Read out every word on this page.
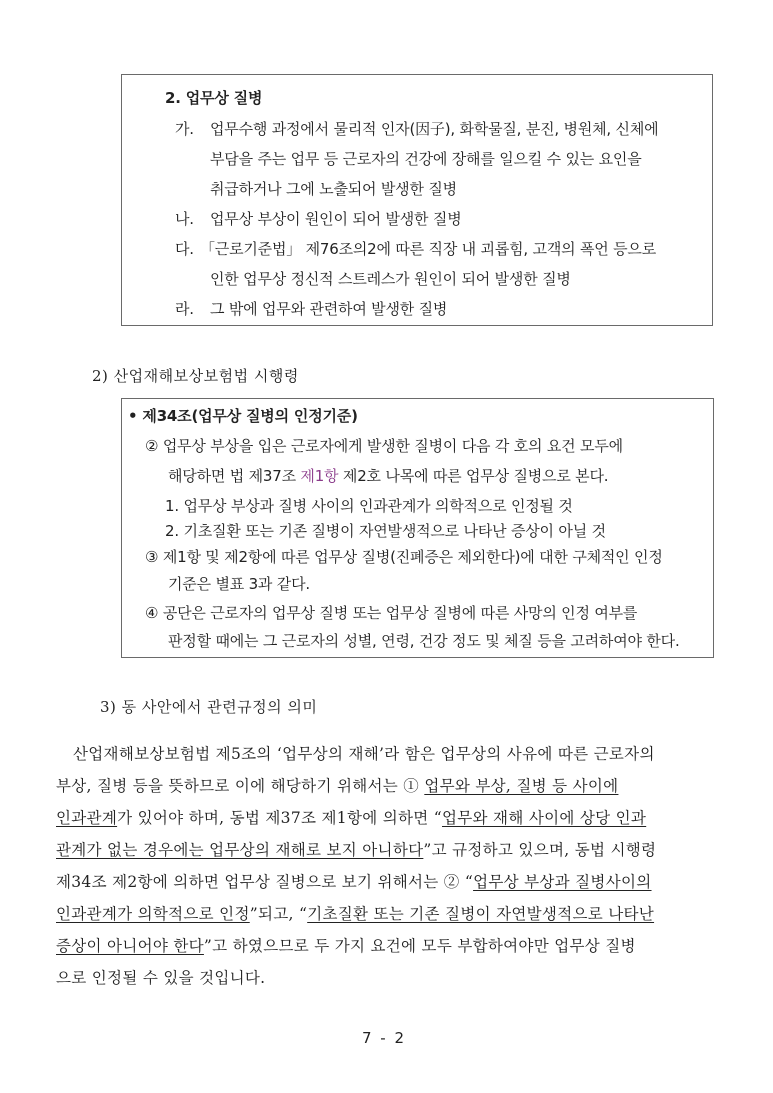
2. 업무상 질병
가. 업무수행 과정에서 물리적 인자(因子), 화학물질, 분진, 병원체, 신체에
부담을 주는 업무 등 근로자의 건강에 장해를 일으킬 수 있는 요인을
취급하거나 그에 노출되어 발생한 질병
나. 업무상 부상이 원인이 되어 발생한 질병
다. 「근로기준법」 제76조의2에 따른 직장 내 괴롭힘, 고객의 폭언 등으로
인한 업무상 정신적 스트레스가 원인이 되어 발생한 질병
라. 그 밖에 업무와 관련하여 발생한 질병
2) 산업재해보상보험법 시행령
• 제34조(업무상 질병의 인정기준)
② 업무상 부상을 입은 근로자에게 발생한 질병이 다음 각 호의 요건 모두에
해당하면 법 제37조 제1항 제2호 나목에 따른 업무상 질병으로 본다.
1. 업무상 부상과 질병 사이의 인과관계가 의학적으로 인정될 것
2. 기초질환 또는 기존 질병이 자연발생적으로 나타난 증상이 아닐 것
③ 제1항 및 제2항에 따른 업무상 질병(진폐증은 제외한다)에 대한 구체적인 인정
기준은 별표 3과 같다.
④ 공단은 근로자의 업무상 질병 또는 업무상 질병에 따른 사망의 인정 여부를
판정할 때에는 그 근로자의 성별, 연령, 건강 정도 및 체질 등을 고려하여야 한다.
3) 동 사안에서 관련규정의 의미
산업재해보상보험법 제5조의 ‘업무상의 재해’라 함은 업무상의 사유에 따른 근로자의
부상, 질병 등을 뜻하므로 이에 해당하기 위해서는 ① 업무와 부상, 질병 등 사이에
인과관계가 있어야 하며, 동법 제37조 제1항에 의하면 “업무와 재해 사이에 상당 인과
관계가 없는 경우에는 업무상의 재해로 보지 아니하다”고 규정하고 있으며, 동법 시행령
제34조 제2항에 의하면 업무상 질병으로 보기 위해서는 ② “업무상 부상과 질병사이의
인과관계가 의학적으로 인정”되고, “기초질환 또는 기존 질병이 자연발생적으로 나타난
증상이 아니어야 한다”고 하였으므로 두 가지 요건에 모두 부합하여야만 업무상 질병
으로 인정될 수 있을 것입니다.
7 - 2
